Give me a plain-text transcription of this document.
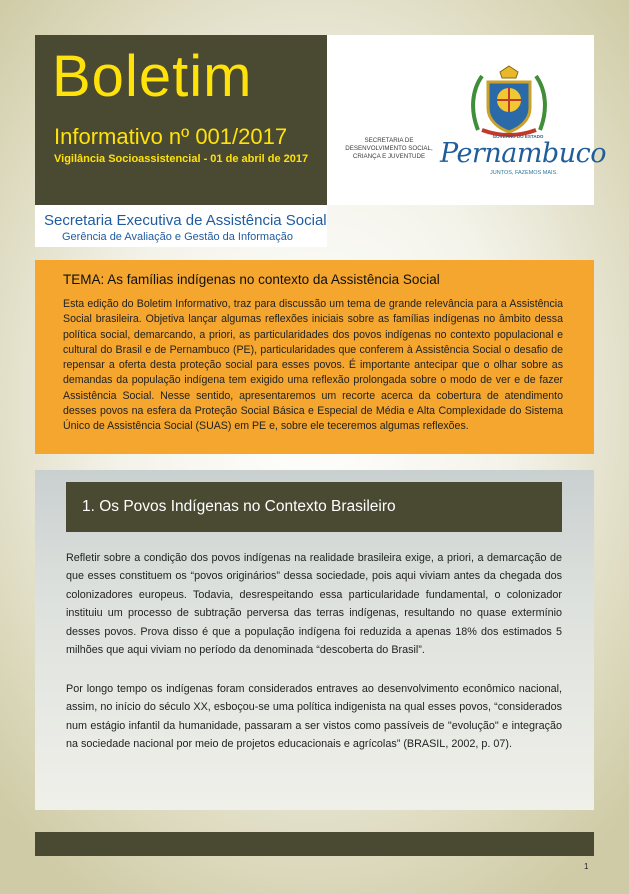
Boletim
Informativo nº 001/2017
Vigilância Socioassistencial - 01 de abril de 2017
SECRETARIA DE DESENVOLVIMENTO SOCIAL, CRIANÇA E JUVENTUDE
GOVERNO DO ESTADO
Pernambuco
JUNTOS, FAZEMOS MAIS.
Secretaria Executiva de Assistência Social
Gerência de Avaliação e Gestão da Informação
TEMA: As famílias indígenas no contexto da Assistência Social
Esta edição do Boletim Informativo, traz para discussão um tema de grande relevância para a Assistência Social brasileira. Objetiva lançar algumas reflexões iniciais sobre as famílias indígenas no âmbito dessa política social, demarcando, a priori, as particularidades dos povos indígenas no contexto populacional e cultural do Brasil e de Pernambuco (PE), particularidades que conferem à Assistência Social o desafio de repensar a oferta desta proteção social para esses povos. É importante antecipar que o olhar sobre as demandas da população indígena tem exigido uma reflexão prolongada sobre o modo de ver e de fazer Assistência Social. Nesse sentido, apresentaremos um recorte acerca da cobertura de atendimento desses povos na esfera da Proteção Social Básica e Especial de Média e Alta Complexidade do Sistema Único de Assistência Social (SUAS) em PE e, sobre ele teceremos algumas reflexões.
1. Os Povos Indígenas no Contexto Brasileiro
Refletir sobre a condição dos povos indígenas na realidade brasileira exige, a priori, a demarcação de que esses constituem os “povos originários” dessa sociedade, pois aqui viviam antes da chegada dos colonizadores europeus. Todavia, desrespeitando essa particularidade fundamental, o colonizador instituiu um processo de subtração perversa das terras indígenas, resultando no quase extermínio desses povos. Prova disso é que a população indígena foi reduzida a apenas 18% dos estimados 5 milhões que aqui viviam no período da denominada “descoberta do Brasil”.
Por longo tempo os indígenas foram considerados entraves ao desenvolvimento econômico nacional, assim, no início do século XX, esboçou-se uma política indigenista na qual esses povos, “considerados num estágio infantil da humanidade, passaram a ser vistos como passíveis de "evolução" e integração na sociedade nacional por meio de projetos educacionais e agrícolas” (BRASIL, 2002, p. 07).
1
